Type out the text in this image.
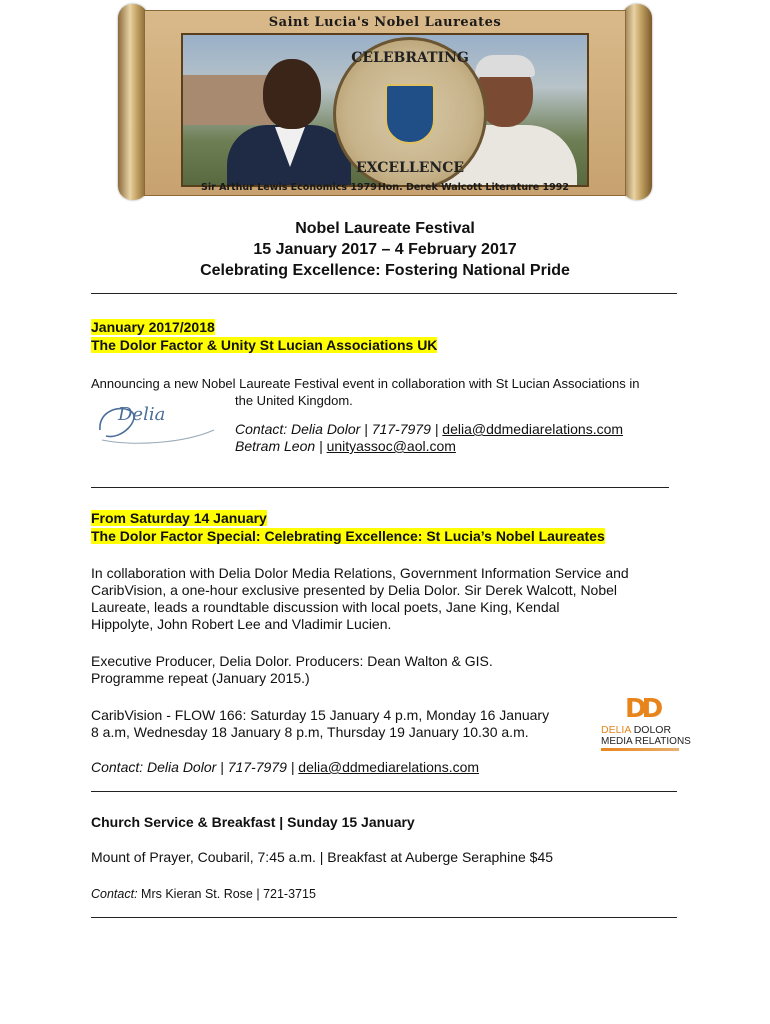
Saint Lucia's Nobel Laureates
CELEBRATING
EXCELLENCE
Sir Arthur Lewis Economics 1979 Hon. Derek Walcott Literature 1992
Nobel Laureate Festival
15 January 2017 – 4 February 2017
Celebrating Excellence: Fostering National Pride
January 2017/2018
The Dolor Factor & Unity St Lucian Associations UK
Announcing a new Nobel Laureate Festival event in collaboration with St Lucian Associations in
the United Kingdom.
Delia
Contact: Delia Dolor | 717-7979 | delia@ddmediarelations.com
Betram Leon | unityassoc@aol.com
From Saturday 14 January
The Dolor Factor Special: Celebrating Excellence: St Lucia’s Nobel Laureates
In collaboration with Delia Dolor Media Relations, Government Information Service and
CaribVision, a one-hour exclusive presented by Delia Dolor. Sir Derek Walcott, Nobel
Laureate, leads a roundtable discussion with local poets, Jane King, Kendal
Hippolyte, John Robert Lee and Vladimir Lucien.
Executive Producer, Delia Dolor. Producers: Dean Walton & GIS.
Programme repeat (January 2015.)
CaribVision - FLOW 166: Saturday 15 January 4 p.m, Monday 16 January
8 a.m, Wednesday 18 January 8 p.m, Thursday 19 January 10.30 a.m.
DD
DELIA DOLOR
MEDIA RELATIONS
Contact: Delia Dolor | 717-7979 | delia@ddmediarelations.com
Church Service & Breakfast | Sunday 15 January
Mount of Prayer, Coubaril, 7:45 a.m. | Breakfast at Auberge Seraphine $45
Contact: Mrs Kieran St. Rose | 721-3715
